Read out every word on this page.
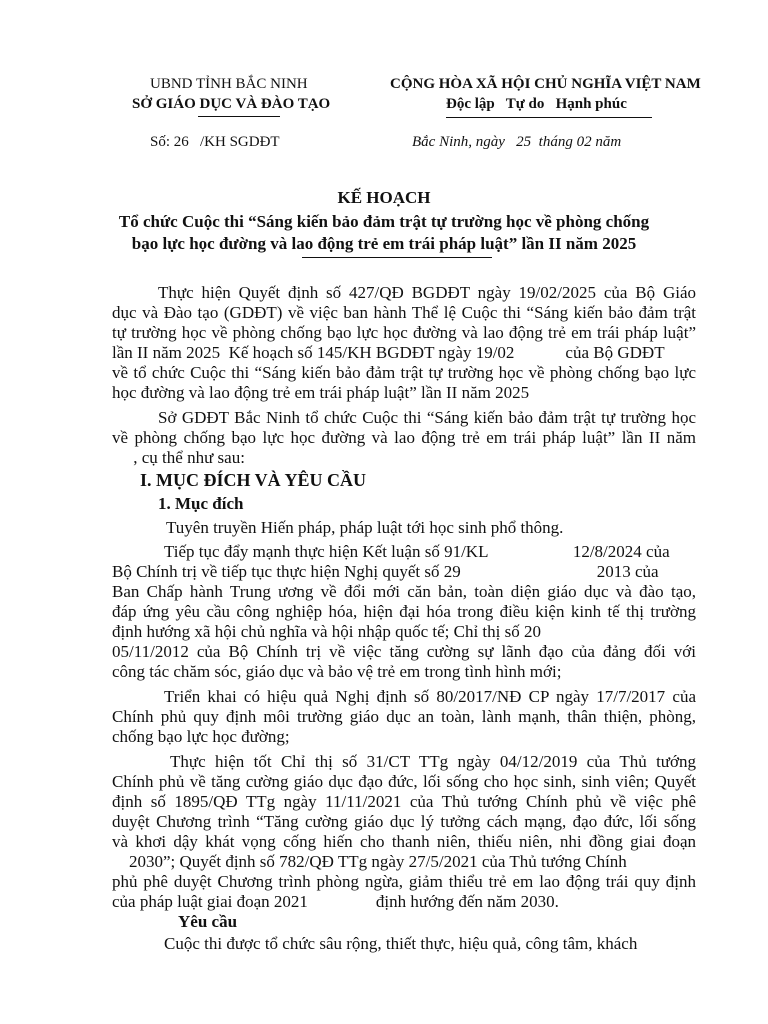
UBND TỈNH BẮC NINH
SỞ GIÁO DỤC VÀ ĐÀO TẠO
CỘNG HÒA XÃ HỘI CHỦ NGHĨA VIỆT NAM
Độc lập   Tự do   Hạnh phúc
Số: 26   /KH SGDĐT	Bắc Ninh, ngày   25  tháng 02 năm
KẾ HOẠCH
Tổ chức Cuộc thi “Sáng kiến bảo đảm trật tự trường học về phòng chống
bạo lực học đường và lao động trẻ em trái pháp luật” lần II năm 2025
Thực hiện Quyết định số 427/QĐ BGDĐT ngày 19/02/2025 của Bộ Giáo
dục và Đào tạo (GDĐT) về việc ban hành Thể lệ Cuộc thi “Sáng kiến bảo đảm trật
tự trường học về phòng chống bạo lực học đường và lao động trẻ em trái pháp luật”
lần II năm 2025  Kế hoạch số 145/KH BGDĐT ngày 19/02            của Bộ GDĐT
về tổ chức Cuộc thi “Sáng kiến bảo đảm trật tự trường học về phòng chống bạo lực
học đường và lao động trẻ em trái pháp luật” lần II năm 2025
Sở GDĐT Bắc Ninh tổ chức Cuộc thi “Sáng kiến bảo đảm trật tự trường học
về phòng chống bạo lực học đường và lao động trẻ em trái pháp luật” lần II năm
, cụ thể như sau:
I. MỤC ĐÍCH VÀ YÊU CẦU
1. Mục đích
Tuyên truyền Hiến pháp, pháp luật tới học sinh phổ thông.
Tiếp tục đẩy mạnh thực hiện Kết luận số 91/KL                    12/8/2024 của
Bộ Chính trị về tiếp tục thực hiện Nghị quyết số 29                                2013 của
Ban Chấp hành Trung ương về đổi mới căn bản, toàn diện giáo dục và đào tạo,
đáp ứng yêu cầu công nghiệp hóa, hiện đại hóa trong điều kiện kinh tế thị trường
định hướng xã hội chủ nghĩa và hội nhập quốc tế; Chỉ thị số 20
05/11/2012 của Bộ Chính trị về việc tăng cường sự lãnh đạo của đảng đối với
công tác chăm sóc, giáo dục và bảo vệ trẻ em trong tình hình mới;
Triển khai có hiệu quả Nghị định số 80/2017/NĐ CP ngày 17/7/2017 của
Chính phủ quy định môi trường giáo dục an toàn, lành mạnh, thân thiện, phòng,
chống bạo lực học đường;
Thực hiện tốt Chỉ thị số 31/CT TTg ngày 04/12/2019 của Thủ tướng
Chính phủ về tăng cường giáo dục đạo đức, lối sống cho học sinh, sinh viên; Quyết
định số 1895/QĐ TTg ngày 11/11/2021 của Thủ tướng Chính phủ về việc phê
duyệt Chương trình “Tăng cường giáo dục lý tưởng cách mạng, đạo đức, lối sống
và khơi dậy khát vọng cống hiến cho thanh niên, thiếu niên, nhi đồng giai đoạn
2030”; Quyết định số 782/QĐ TTg ngày 27/5/2021 của Thủ tướng Chính
phủ phê duyệt Chương trình phòng ngừa, giảm thiểu trẻ em lao động trái quy định
của pháp luật giai đoạn 2021                định hướng đến năm 2030.
Yêu cầu
Cuộc thi được tổ chức sâu rộng, thiết thực, hiệu quả, công tâm, khách
